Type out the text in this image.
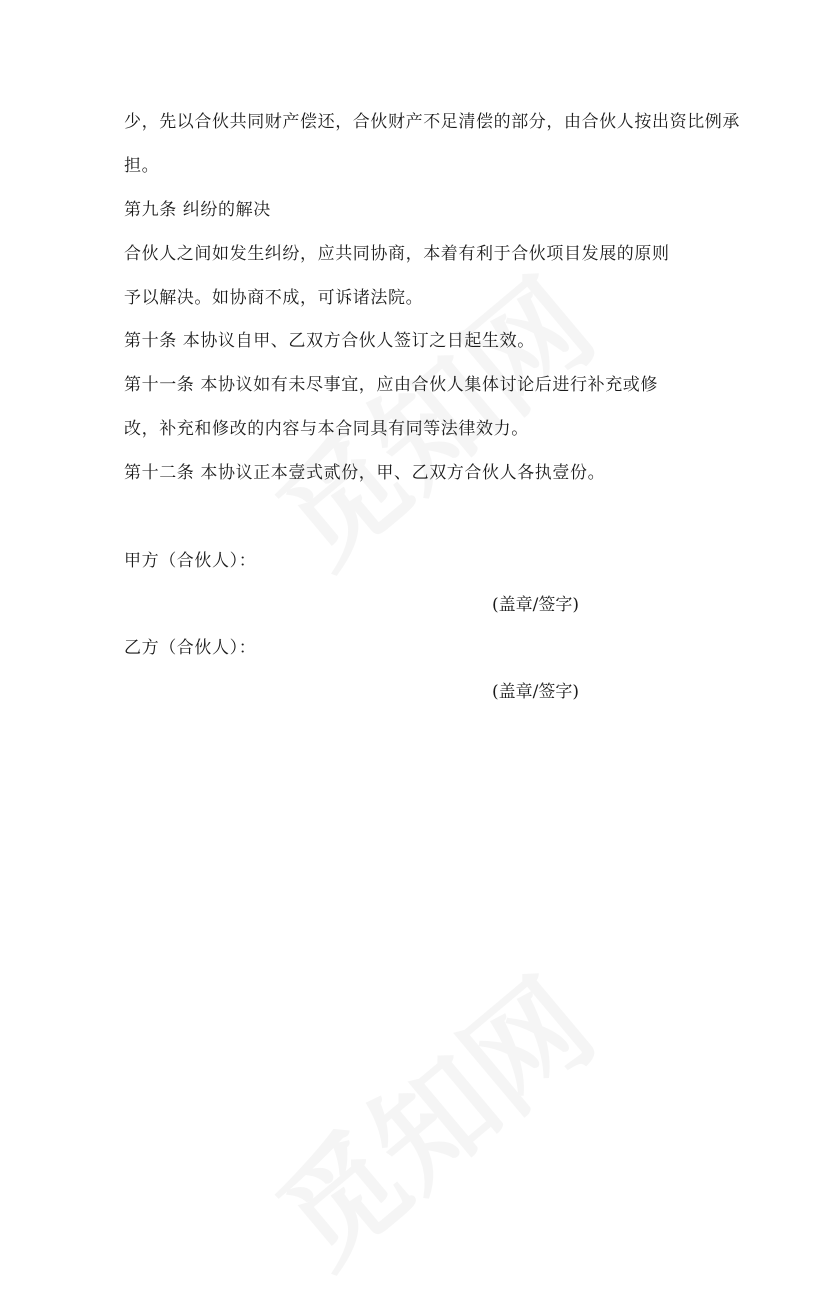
少，先以合伙共同财产偿还，合伙财产不足清偿的部分，由合伙人按出资比例承
担。
第九条 纠纷的解决
合伙人之间如发生纠纷，应共同协商，本着有利于合伙项目发展的原则
予以解决。如协商不成，可诉诸法院。
第十条 本协议自甲、乙双方合伙人签订之日起生效。
第十一条 本协议如有未尽事宜，应由合伙人集体讨论后进行补充或修
改，补充和修改的内容与本合同具有同等法律效力。
第十二条 本协议正本壹式贰份，甲、乙双方合伙人各执壹份。
甲方（合伙人）：
(盖章/签字)
乙方（合伙人）：
(盖章/签字)
